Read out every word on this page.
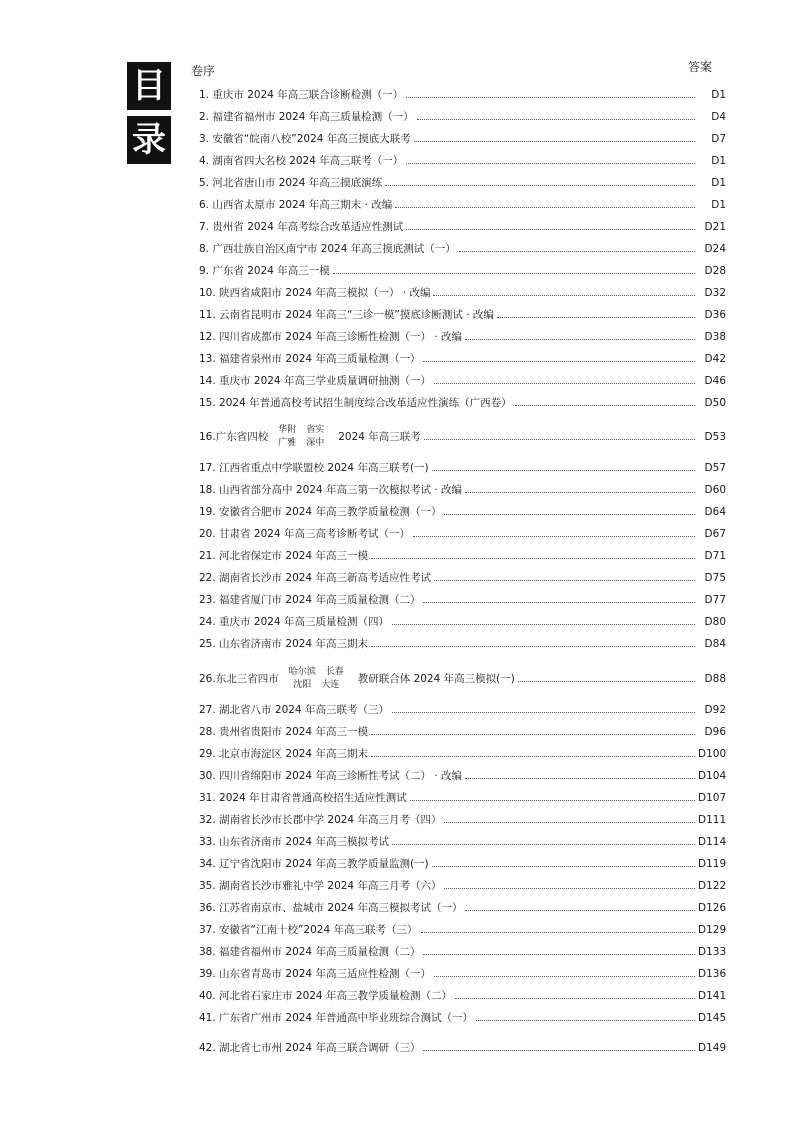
目
录
卷序	答案
1. 重庆市 2024 年高三联合诊断检测（一）	D1
2. 福建省福州市 2024 年高三质量检测（一）	D4
3. 安徽省“皖南八校”2024 年高三摸底大联考	D7
4. 湖南省四大名校 2024 年高三联考（一）	D1
5. 河北省唐山市 2024 年高三摸底演练	D1
6. 山西省太原市 2024 年高三期末 · 改编	D1
7. 贵州省 2024 年高考综合改革适应性测试	D21
8. 广西壮族自治区南宁市 2024 年高三摸底测试（一）	D24
9. 广东省 2024 年高三一模	D28
10. 陕西省咸阳市 2024 年高三模拟（一） · 改编	D32
11. 云南省昆明市 2024 年高三“三诊一模”摸底诊断测试 · 改编	D36
12. 四川省成都市 2024 年高三诊断性检测（一） · 改编	D38
13. 福建省泉州市 2024 年高三质量检测（一）	D42
14. 重庆市 2024 年高三学业质量调研抽测（一）	D46
15. 2024 年普通高校考试招生制度综合改革适应性演练（广西卷）	D50
16. 广东省四校
华附 省实
广雅 深中 2024 年高三联考	D53
17. 江西省重点中学联盟校 2024 年高三联考(一)	D57
18. 山西省部分高中 2024 年高三第一次模拟考试 · 改编	D60
19. 安徽省合肥市 2024 年高三教学质量检测（一）	D64
20. 甘肃省 2024 年高三高考诊断考试（一）	D67
21. 河北省保定市 2024 年高三一模	D71
22. 湖南省长沙市 2024 年高三新高考适应性考试	D75
23. 福建省厦门市 2024 年高三质量检测（二）	D77
24. 重庆市 2024 年高三质量检测（四）	D80
25. 山东省济南市 2024 年高三期末	D84
26. 东北三省四市
哈尔滨 长春
沈阳 大连 教研联合体 2024 年高三模拟(一)	D88
27. 湖北省八市 2024 年高三联考（三）	D92
28. 贵州省贵阳市 2024 年高三一模	D96
29. 北京市海淀区 2024 年高三期末	D100
30. 四川省绵阳市 2024 年高三诊断性考试（二） · 改编	D104
31. 2024 年甘肃省普通高校招生适应性测试	D107
32. 湖南省长沙市长郡中学 2024 年高三月考（四）	D111
33. 山东省济南市 2024 年高三模拟考试	D114
34. 辽宁省沈阳市 2024 年高三教学质量监测(一)	D119
35. 湖南省长沙市雅礼中学 2024 年高三月考（六）	D122
36. 江苏省南京市、盐城市 2024 年高三模拟考试（一）	D126
37. 安徽省“江南十校”2024 年高三联考（三）	D129
38. 福建省福州市 2024 年高三质量检测（二）	D133
39. 山东省青岛市 2024 年高三适应性检测（一）	D136
40. 河北省石家庄市 2024 年高三教学质量检测（二）	D141
41. 广东省广州市 2024 年普通高中毕业班综合测试（一）	D145
42. 湖北省七市州 2024 年高三联合调研（三）	D149
